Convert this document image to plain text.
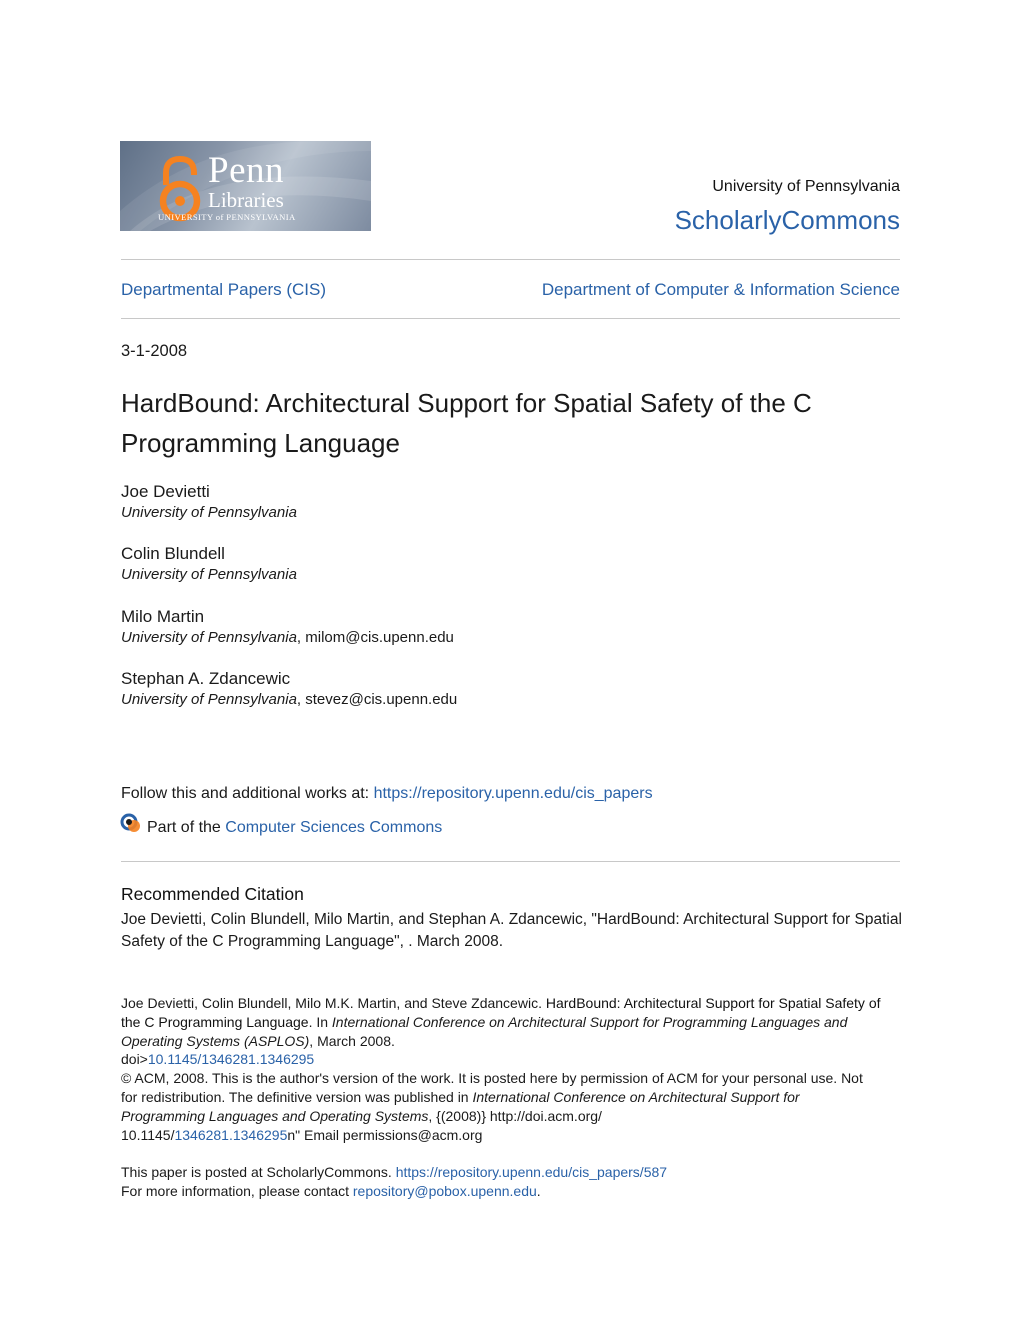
Penn
Libraries
UNIVERSITY of PENNSYLVANIA
University of Pennsylvania
ScholarlyCommons
Departmental Papers (CIS)	Department of Computer & Information Science
3-1-2008
HardBound: Architectural Support for Spatial Safety of the C Programming Language
Joe Devietti
University of Pennsylvania
Colin Blundell
University of Pennsylvania
Milo Martin
University of Pennsylvania, milom@cis.upenn.edu
Stephan A. Zdancewic
University of Pennsylvania, stevez@cis.upenn.edu
Follow this and additional works at: https://repository.upenn.edu/cis_papers
Part of the Computer Sciences Commons
Recommended Citation
Joe Devietti, Colin Blundell, Milo Martin, and Stephan A. Zdancewic, "HardBound: Architectural Support for Spatial Safety of the C Programming Language", . March 2008.
Joe Devietti, Colin Blundell, Milo M.K. Martin, and Steve Zdancewic. HardBound: Architectural Support for Spatial Safety of the C Programming Language. In International Conference on Architectural Support for Programming Languages and Operating Systems (ASPLOS), March 2008.
doi>10.1145/1346281.1346295
© ACM, 2008. This is the author's version of the work. It is posted here by permission of ACM for your personal use. Not for redistribution. The definitive version was published in International Conference on Architectural Support for Programming Languages and Operating Systems, {(2008)} http://doi.acm.org/
10.1145/1346281.1346295n" Email permissions@acm.org
This paper is posted at ScholarlyCommons. https://repository.upenn.edu/cis_papers/587
For more information, please contact repository@pobox.upenn.edu.
